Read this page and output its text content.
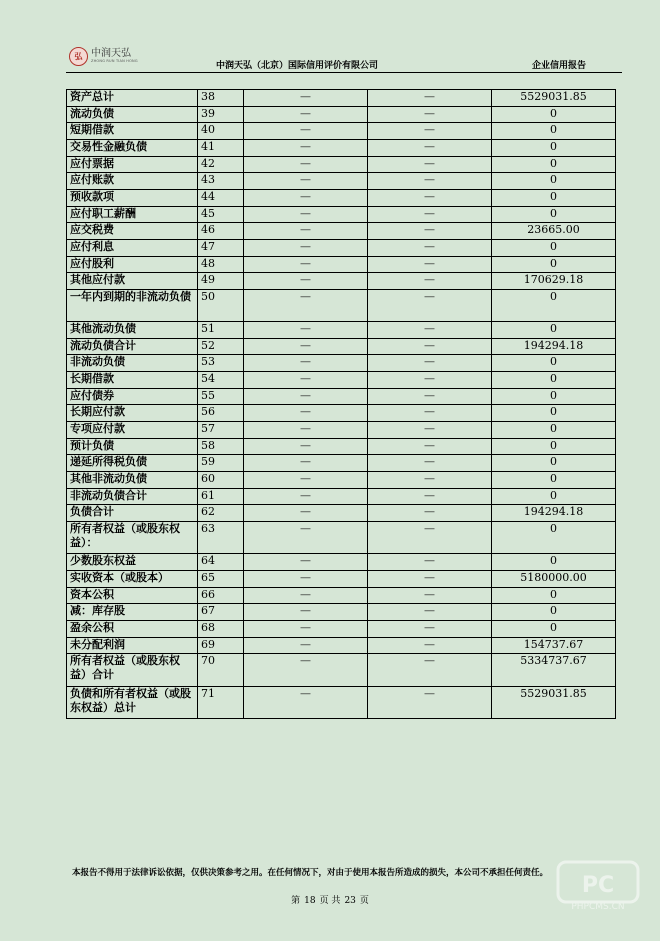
弘 中润天弘
ZHONG RUN TIAN HONG	中润天弘（北京）国际信用评价有限公司	企业信用报告
资产总计	38	—	—	5529031.85
流动负债	39	—	—	0
短期借款	40	—	—	0
交易性金融负债	41	—	—	0
应付票据	42	—	—	0
应付账款	43	—	—	0
预收款项	44	—	—	0
应付职工薪酬	45	—	—	0
应交税费	46	—	—	23665.00
应付利息	47	—	—	0
应付股利	48	—	—	0
其他应付款	49	—	—	170629.18
一年内到期的非流动负债	50	—	—	0
其他流动负债	51	—	—	0
流动负债合计	52	—	—	194294.18
非流动负债	53	—	—	0
长期借款	54	—	—	0
应付债券	55	—	—	0
长期应付款	56	—	—	0
专项应付款	57	—	—	0
预计负债	58	—	—	0
递延所得税负债	59	—	—	0
其他非流动负债	60	—	—	0
非流动负债合计	61	—	—	0
负债合计	62	—	—	194294.18
所有者权益（或股东权益）：	63	—	—	0
少数股东权益	64	—	—	0
实收资本（或股本）	65	—	—	5180000.00
资本公积	66	—	—	0
减：库存股	67	—	—	0
盈余公积	68	—	—	0
未分配利润	69	—	—	154737.67
所有者权益（或股东权益）合计	70	—	—	5334737.67
负债和所有者权益（或股东权益）总计	71	—	—	5529031.85
本报告不得用于法律诉讼依据，仅供决策参考之用。在任何情况下，对由于使用本报告所造成的损失，本公司不承担任何责任。
第 18 页 共 23 页
PC
PHPCMS.CN
